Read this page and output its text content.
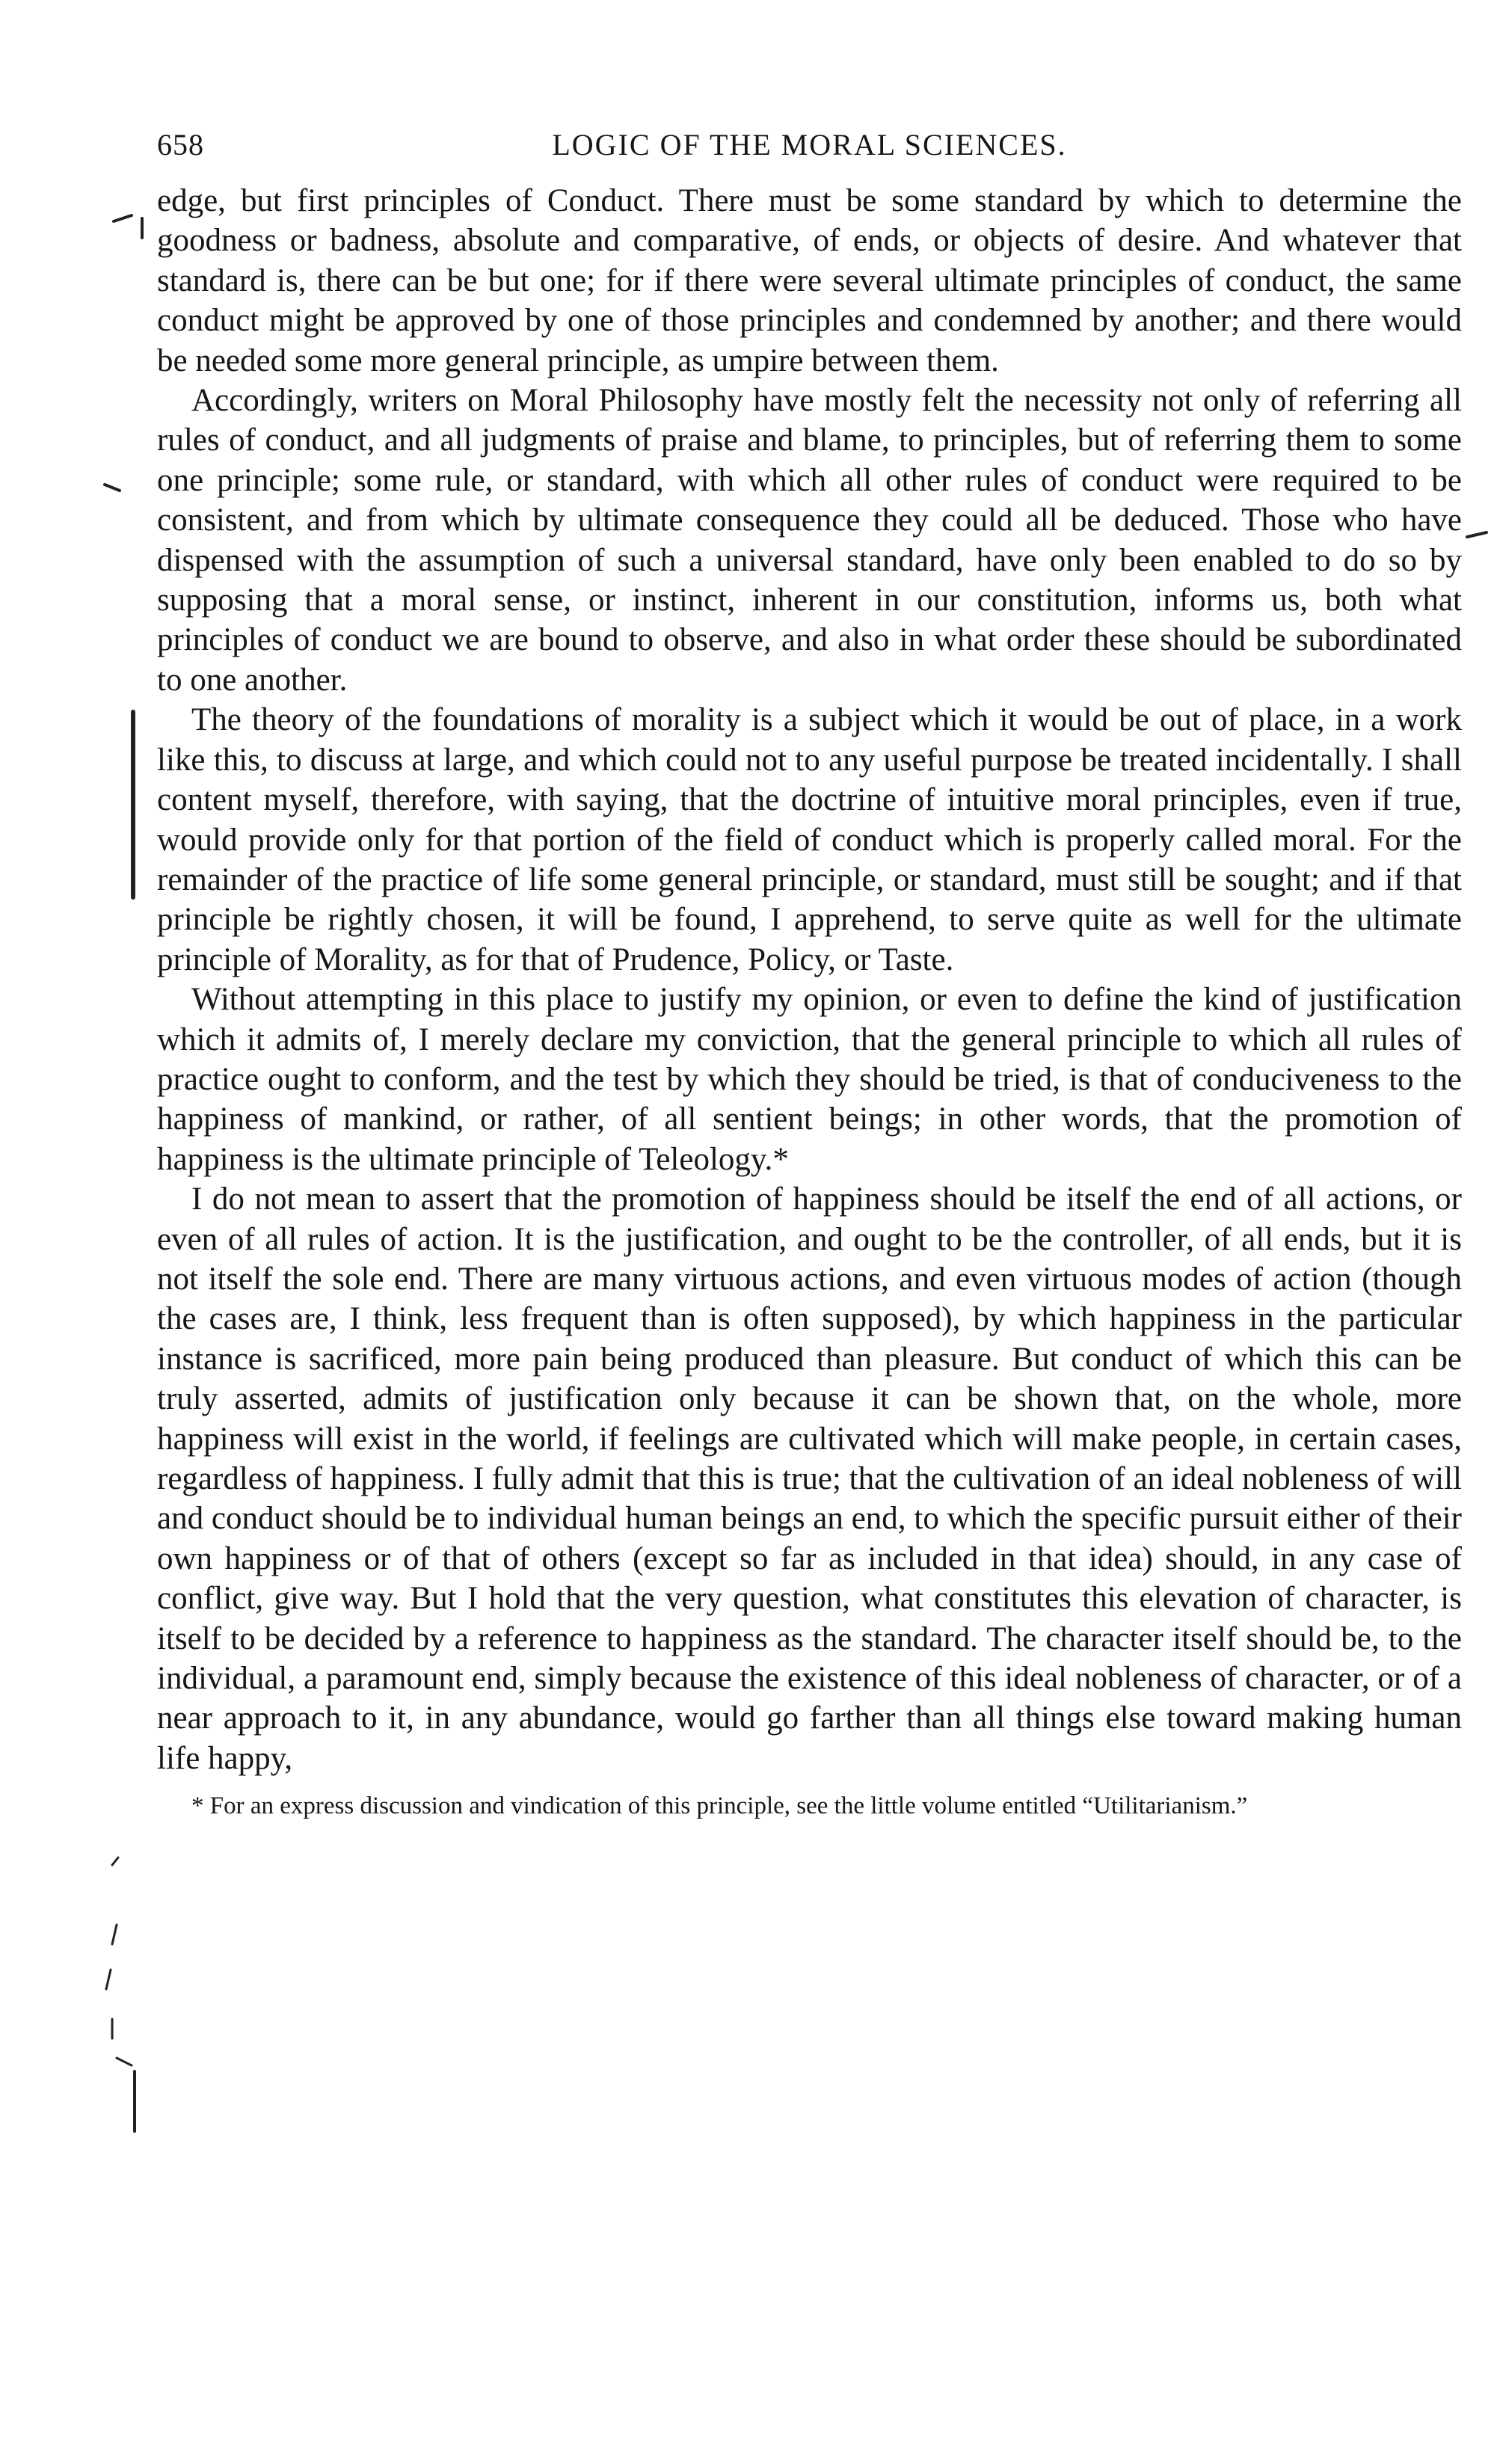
658	LOGIC OF THE MORAL SCIENCES.

edge, but first principles of Conduct. There must be some standard by which to determine the goodness or badness, absolute and comparative, of ends, or objects of desire. And whatever that standard is, there can be but one; for if there were several ultimate principles of conduct, the same conduct might be approved by one of those principles and condemned by another; and there would be needed some more general principle, as umpire between them.

Accordingly, writers on Moral Philosophy have mostly felt the necessity not only of referring all rules of conduct, and all judgments of praise and blame, to principles, but of referring them to some one principle; some rule, or standard, with which all other rules of conduct were required to be consistent, and from which by ultimate consequence they could all be deduced. Those who have dispensed with the assumption of such a universal standard, have only been enabled to do so by supposing that a moral sense, or instinct, inherent in our constitution, informs us, both what principles of conduct we are bound to observe, and also in what order these should be subordinated to one another.

The theory of the foundations of morality is a subject which it would be out of place, in a work like this, to discuss at large, and which could not to any useful purpose be treated incidentally. I shall content myself, therefore, with saying, that the doctrine of intuitive moral principles, even if true, would provide only for that portion of the field of conduct which is properly called moral. For the remainder of the practice of life some general principle, or standard, must still be sought; and if that principle be rightly chosen, it will be found, I apprehend, to serve quite as well for the ultimate principle of Morality, as for that of Prudence, Policy, or Taste.

Without attempting in this place to justify my opinion, or even to define the kind of justification which it admits of, I merely declare my conviction, that the general principle to which all rules of practice ought to conform, and the test by which they should be tried, is that of conduciveness to the happiness of mankind, or rather, of all sentient beings; in other words, that the promotion of happiness is the ultimate principle of Teleology.*

I do not mean to assert that the promotion of happiness should be itself the end of all actions, or even of all rules of action. It is the justification, and ought to be the controller, of all ends, but it is not itself the sole end. There are many virtuous actions, and even virtuous modes of action (though the cases are, I think, less frequent than is often supposed), by which happiness in the particular instance is sacrificed, more pain being produced than pleasure. But conduct of which this can be truly asserted, admits of justification only because it can be shown that, on the whole, more happiness will exist in the world, if feelings are cultivated which will make people, in certain cases, regardless of happiness. I fully admit that this is true; that the cultivation of an ideal nobleness of will and conduct should be to individual human beings an end, to which the specific pursuit either of their own happiness or of that of others (except so far as included in that idea) should, in any case of conflict, give way. But I hold that the very question, what constitutes this elevation of character, is itself to be decided by a reference to happiness as the standard. The character itself should be, to the individual, a paramount end, simply because the existence of this ideal nobleness of character, or of a near approach to it, in any abundance, would go farther than all things else toward making human life happy,

* For an express discussion and vindication of this principle, see the little volume entitled “Utilitarianism.”
